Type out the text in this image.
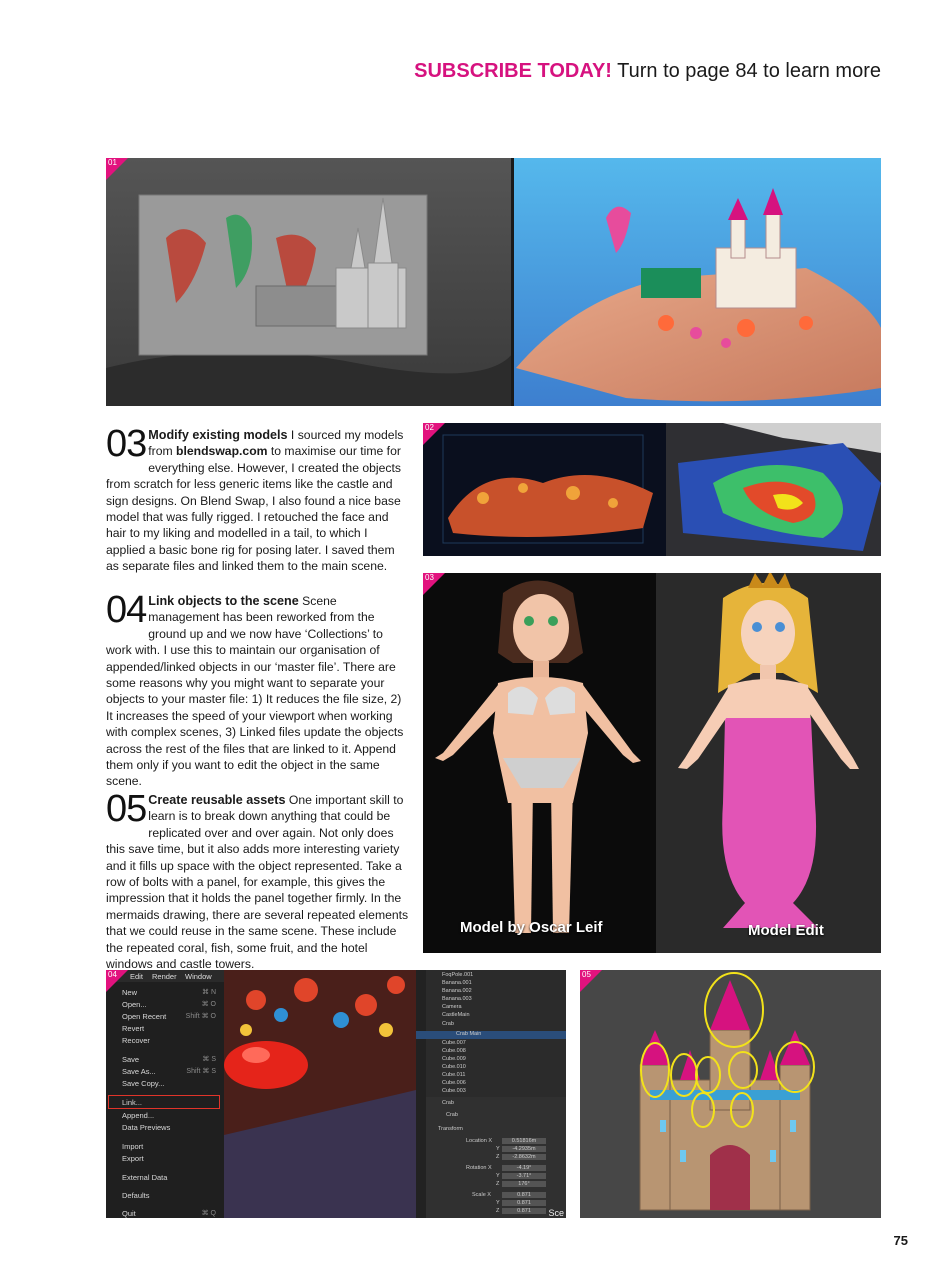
SUBSCRIBE TODAY! Turn to page 84 to learn more
01
02
03
Model by Oscar Leif	Model Edit
04 Edit Render Window
New	⌘ N
Open...	⌘ O
Open Recent	Shift ⌘ O
Revert
Recover
Save	⌘ S
Save As...	Shift ⌘ S
Save Copy...
Link...
Append...
Data Previews
Import
Export
External Data
Defaults
Quit	⌘ Q
FoqPole.001
Banana.001
Banana.002
Banana.003
Camera
CastleMain
Crab
Crab Main
Cube.007
Cube.008
Cube.009
Cube.010
Cube.011
Cube.006
Cube.003
Crab
Crab
Transform
Location X	0.51816m
Y	-4.2935m
Z	-2.8632m
Rotation X	-4.19°
Y	-3.71°
Z	176°
Scale X	0.871
Y	0.871
Z	0.871	Sce
05
03 Modify existing models I sourced my models from blendswap.com to maximise our time for everything else. However, I created the objects from scratch for less generic items like the castle and sign designs. On Blend Swap, I also found a nice base model that was fully rigged. I retouched the face and hair to my liking and modelled in a tail, to which I applied a basic bone rig for posing later. I saved them as separate files and linked them to the main scene.

04 Link objects to the scene Scene management has been reworked from the ground up and we now have ‘Collections’ to work with. I use this to maintain our organisation of appended/linked objects in our ‘master file’. There are some reasons why you might want to separate your objects to your master file: 1) It reduces the file size, 2) It increases the speed of your viewport when working with complex scenes, 3) Linked files update the objects across the rest of the files that are linked to it. Append them only if you want to edit the object in the same scene.

05 Create reusable assets One important skill to learn is to break down anything that could be replicated over and over again. Not only does this save time, but it also adds more interesting variety and it fills up space with the object represented. Take a row of bolts with a panel, for example, this gives the impression that it holds the panel together firmly. In the mermaids drawing, there are several repeated elements that we could reuse in the same scene. These include the repeated coral, fish, some fruit, and the hotel windows and castle towers.

75
